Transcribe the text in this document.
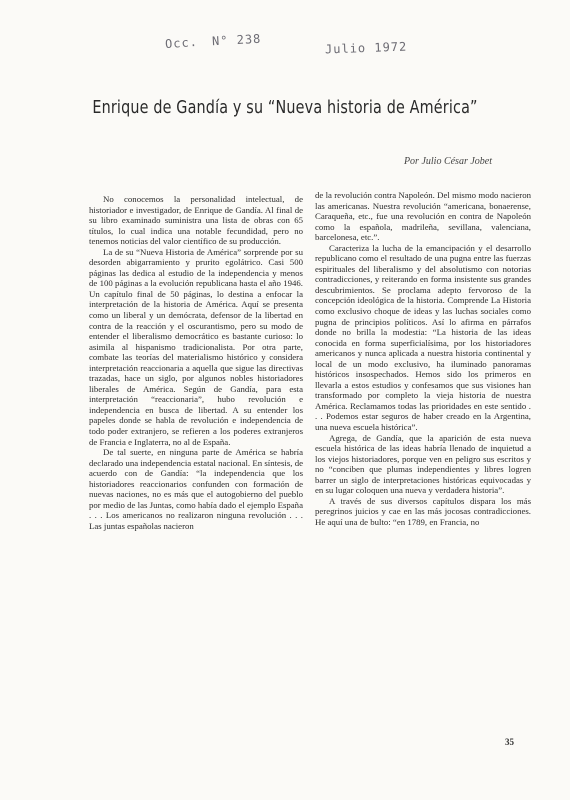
Occ. N° 238	Julio 1972
Enrique de Gandía y su “Nueva historia de América”
Por Julio César Jobet

No conocemos la personalidad intelectual, de historiador e investigador, de Enrique de Gandía. Al final de su libro examinado suministra una lista de obras con 65 títulos, lo cual indica una notable fecundidad, pero no tenemos noticias del valor científico de su producción.

La de su “Nueva Historia de América” sorprende por su desorden abigarramiento y prurito egolátrico. Casi 500 páginas las dedica al estudio de la independencia y menos de 100 páginas a la evolución republicana hasta el año 1946. Un capítulo final de 50 páginas, lo destina a enfocar la interpretación de la historia de América. Aquí se presenta como un liberal y un demócrata, defensor de la libertad en contra de la reacción y el oscurantismo, pero su modo de entender el liberalismo democrático es bastante curioso: lo asimila al hispanismo tradicionalista. Por otra parte, combate las teorías del materialismo histórico y considera interpretación reaccionaria a aquella que sigue las directivas trazadas, hace un siglo, por algunos nobles historiadores liberales de América. Según de Gandía, para esta interpretación “reaccionaria”, hubo revolución e independencia en busca de libertad. A su entender los papeles donde se habla de revolución e independencia de todo poder extranjero, se refieren a los poderes extranjeros de Francia e Inglaterra, no al de España.

De tal suerte, en ninguna parte de América se habría declarado una independencia estatal nacional. En síntesis, de acuerdo con de Gandía: “la independencia que los historiadores reaccionarios confunden con formación de nuevas naciones, no es más que el autogobierno del pueblo por medio de las Juntas, como había dado el ejemplo España . . . Los americanos no realizaron ninguna revolución . . . Las juntas españolas nacieron

de la revolución contra Napoleón. Del mismo modo nacieron las americanas. Nuestra revolución “americana, bonaerense, Caraqueña, etc., fue una revolución en contra de Napoleón como la española, madrileña, sevillana, valenciana, barcelonesa, etc.”.

Caracteriza la lucha de la emancipación y el desarrollo republicano como el resultado de una pugna entre las fuerzas espirituales del liberalismo y del absolutismo con notorias contradicciones, y reiterando en forma insistente sus grandes descubrimientos. Se proclama adepto fervoroso de la concepción ideológica de la historia. Comprende La Historia como exclusivo choque de ideas y las luchas sociales como pugna de principios políticos. Así lo afirma en párrafos donde no brilla la modestia: “La historia de las ideas conocida en forma superficialísima, por los historiadores americanos y nunca aplicada a nuestra historia continental y local de un modo exclusivo, ha iluminado panoramas históricos insospechados. Hemos sido los primeros en llevarla a estos estudios y confesamos que sus visiones han transformado por completo la vieja historia de nuestra América. Reclamamos todas las prioridades en este sentido . . . Podemos estar seguros de haber creado en la Argentina, una nueva escuela histórica”.

Agrega, de Gandía, que la aparición de esta nueva escuela histórica de las ideas habría llenado de inquietud a los viejos historiadores, porque ven en peligro sus escritos y no “conciben que plumas independientes y libres logren barrer un siglo de interpretaciones históricas equivocadas y en su lugar coloquen una nueva y verdadera historia”.

A través de sus diversos capítulos dispara los más peregrinos juicios y cae en las más jocosas contradicciones. He aquí una de bulto: “en 1789, en Francia, no

35
